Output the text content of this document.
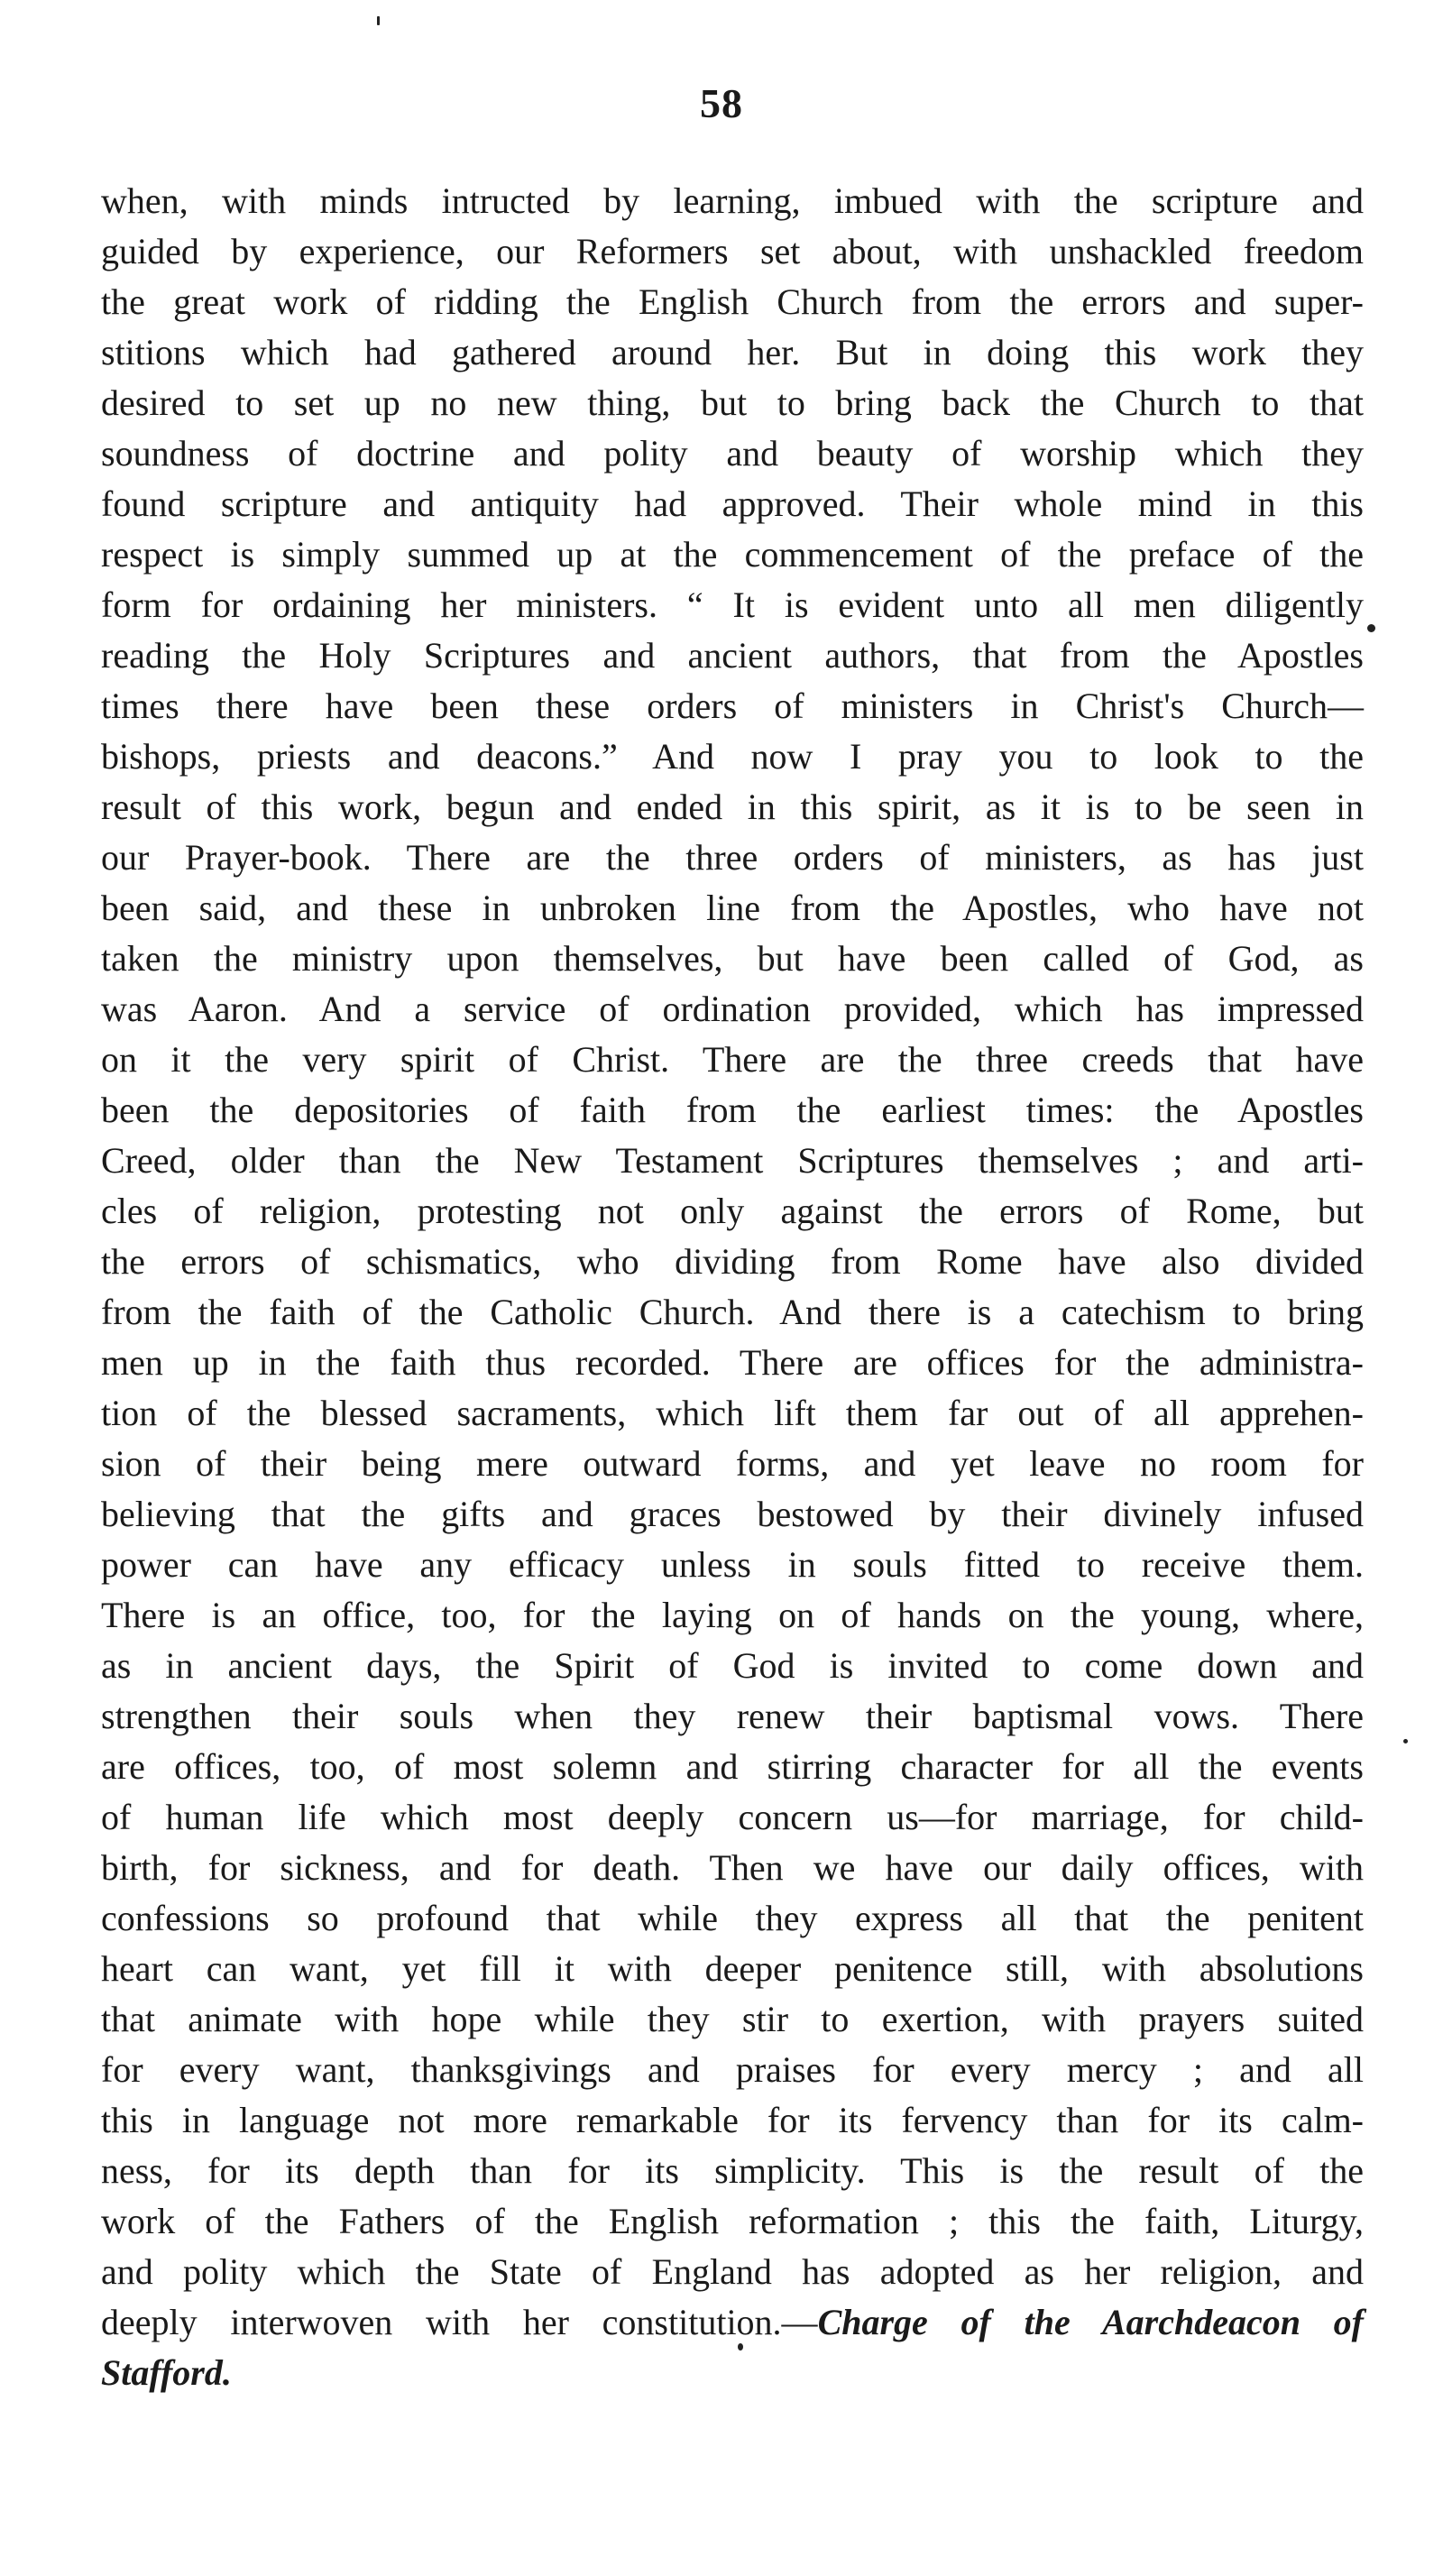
58
when, with minds intructed by learning, imbued with the scripture and
guided by experience, our Reformers set about, with unshackled freedom
the great work of ridding the English Church from the errors and super-
stitions which had gathered around her. But in doing this work they
desired to set up no new thing, but to bring back the Church to that
soundness of doctrine and polity and beauty of worship which they
found scripture and antiquity had approved. Their whole mind in this
respect is simply summed up at the commencement of the preface of the
form for ordaining her ministers. “ It is evident unto all men diligently
reading the Holy Scriptures and ancient authors, that from the Apostles
times there have been these orders of ministers in Christ's Church—
bishops, priests and deacons.” And now I pray you to look to the
result of this work, begun and ended in this spirit, as it is to be seen in
our Prayer-book. There are the three orders of ministers, as has just
been said, and these in unbroken line from the Apostles, who have not
taken the ministry upon themselves, but have been called of God, as
was Aaron. And a service of ordination provided, which has impressed
on it the very spirit of Christ. There are the three creeds that have
been the depositories of faith from the earliest times: the Apostles
Creed, older than the New Testament Scriptures themselves ; and arti-
cles of religion, protesting not only against the errors of Rome, but
the errors of schismatics, who dividing from Rome have also divided
from the faith of the Catholic Church. And there is a catechism to bring
men up in the faith thus recorded. There are offices for the administra-
tion of the blessed sacraments, which lift them far out of all apprehen-
sion of their being mere outward forms, and yet leave no room for
believing that the gifts and graces bestowed by their divinely infused
power can have any efficacy unless in souls fitted to receive them.
There is an office, too, for the laying on of hands on the young, where,
as in ancient days, the Spirit of God is invited to come down and
strengthen their souls when they renew their baptismal vows. There
are offices, too, of most solemn and stirring character for all the events
of human life which most deeply concern us—for marriage, for child-
birth, for sickness, and for death. Then we have our daily offices, with
confessions so profound that while they express all that the penitent
heart can want, yet fill it with deeper penitence still, with absolutions
that animate with hope while they stir to exertion, with prayers suited
for every want, thanksgivings and praises for every mercy ; and all
this in language not more remarkable for its fervency than for its calm-
ness, for its depth than for its simplicity. This is the result of the
work of the Fathers of the English reformation ; this the faith, Liturgy,
and polity which the State of England has adopted as her religion, and
deeply interwoven with her constitution.—Charge of the Aarchdeacon of
Stafford.
